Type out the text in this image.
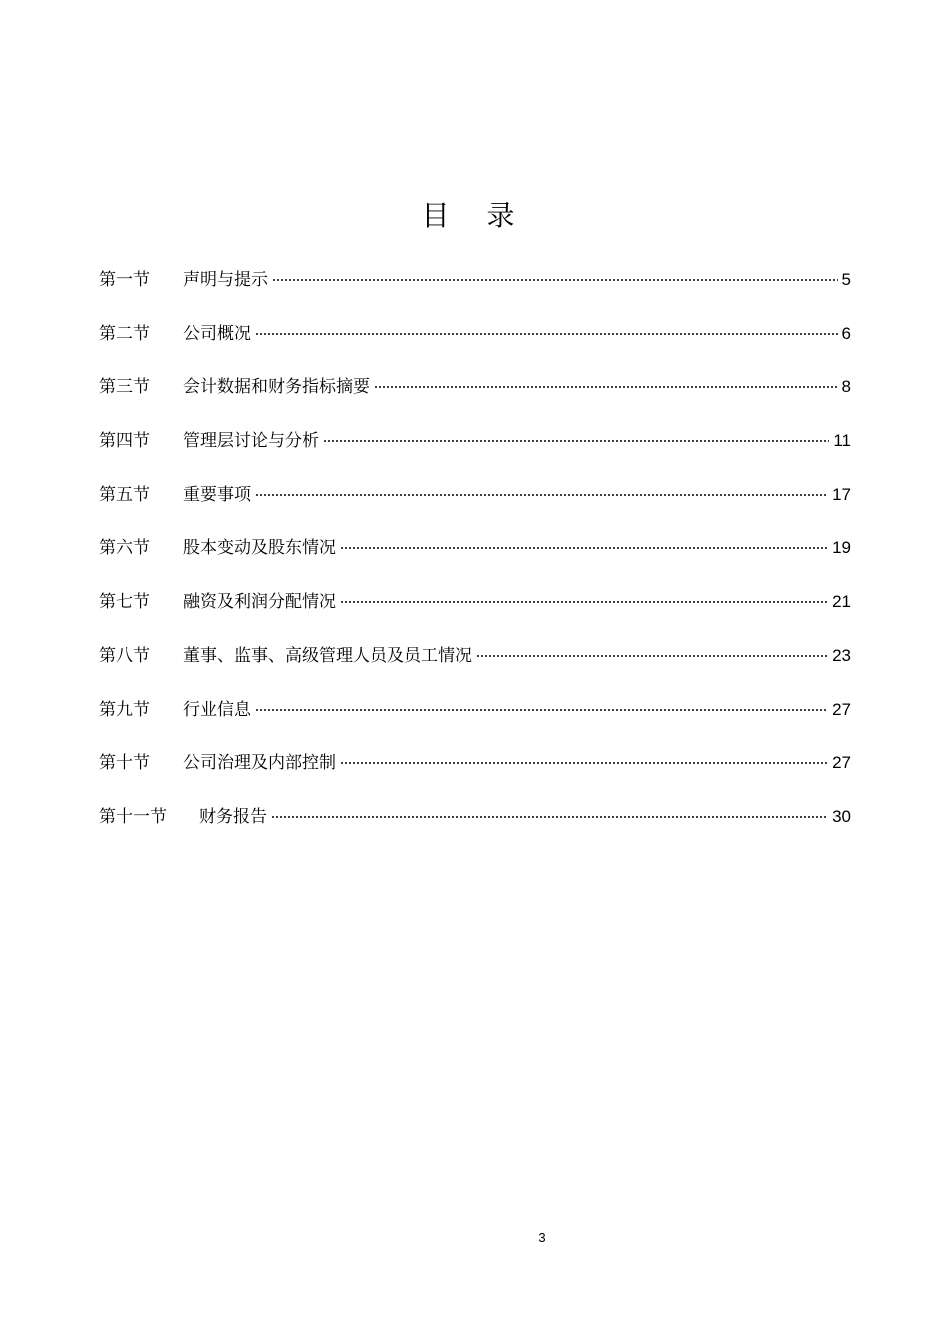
目 录
第一节	声明与提示	5
第二节	公司概况	6
第三节	会计数据和财务指标摘要	8
第四节	管理层讨论与分析	11
第五节	重要事项	17
第六节	股本变动及股东情况	19
第七节	融资及利润分配情况	21
第八节	董事、监事、高级管理人员及员工情况	23
第九节	行业信息	27
第十节	公司治理及内部控制	27
第十一节	财务报告	30
3
